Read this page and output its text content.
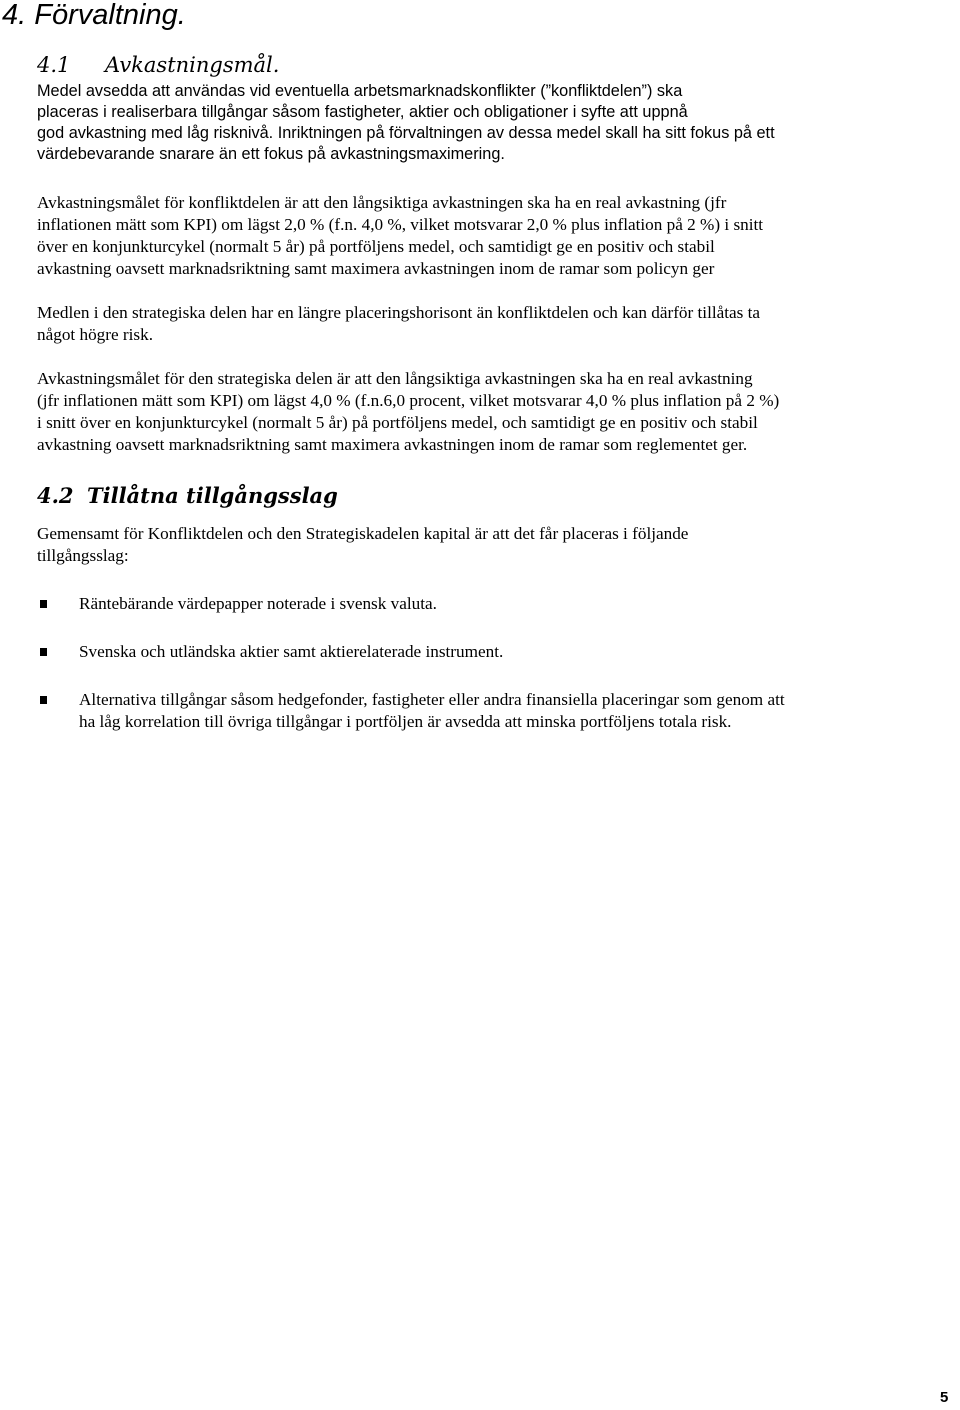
4. Förvaltning.
4.1 Avkastningsmål.

Medel avsedda att användas vid eventuella arbetsmarknadskonflikter (”konfliktdelen”) ska
placeras i realiserbara tillgångar såsom fastigheter, aktier och obligationer i syfte att uppnå
god avkastning med låg risknivå. Inriktningen på förvaltningen av dessa medel skall ha sitt fokus på ett
värdebevarande snarare än ett fokus på avkastningsmaximering.

Avkastningsmålet för konfliktdelen är att den långsiktiga avkastningen ska ha en real avkastning (jfr
inflationen mätt som KPI) om lägst 2,0 % (f.n. 4,0 %, vilket motsvarar 2,0 % plus inflation på 2 %) i snitt
över en konjunkturcykel (normalt 5 år) på portföljens medel, och samtidigt ge en positiv och stabil
avkastning oavsett marknadsriktning samt maximera avkastningen inom de ramar som policyn ger

Medlen i den strategiska delen har en längre placeringshorisont än konfliktdelen och kan därför tillåtas ta
något högre risk.

Avkastningsmålet för den strategiska delen är att den långsiktiga avkastningen ska ha en real avkastning
(jfr inflationen mätt som KPI) om lägst 4,0 % (f.n.6,0 procent, vilket motsvarar 4,0 % plus inflation på 2 %)
i snitt över en konjunkturcykel (normalt 5 år) på portföljens medel, och samtidigt ge en positiv och stabil
avkastning oavsett marknadsriktning samt maximera avkastningen inom de ramar som reglementet ger.

4.2 Tillåtna tillgångsslag

Gemensamt för Konfliktdelen och den Strategiskadelen kapital är att det får placeras i följande
tillgångsslag:

Räntebärande värdepapper noterade i svensk valuta.
Svenska och utländska aktier samt aktierelaterade instrument.
Alternativa tillgångar såsom hedgefonder, fastigheter eller andra finansiella placeringar som genom att
ha låg korrelation till övriga tillgångar i portföljen är avsedda att minska portföljens totala risk.
5
